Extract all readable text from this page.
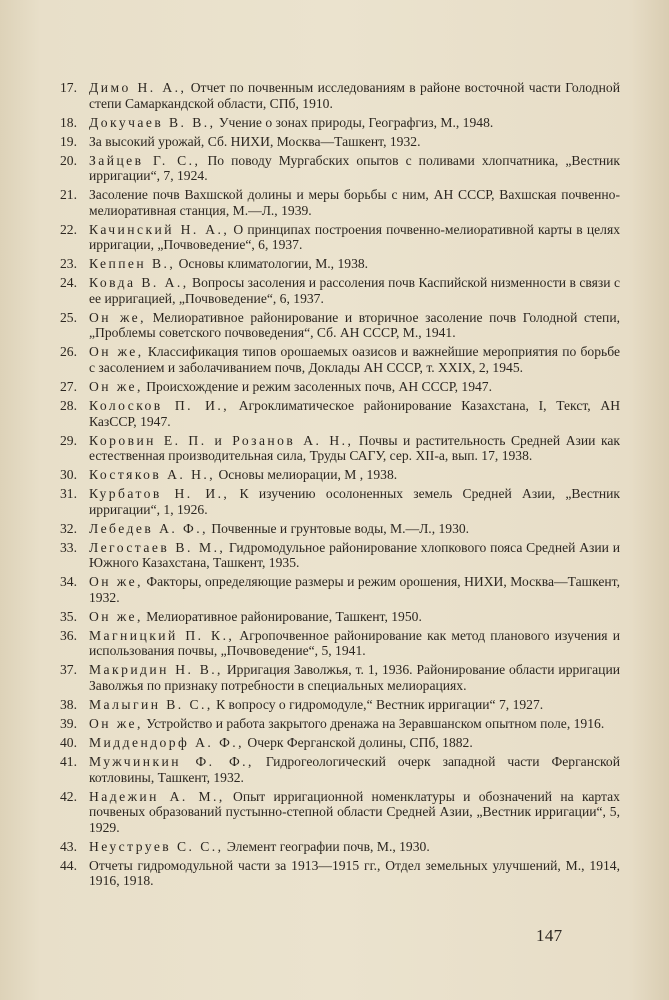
17. Димо Н. А., Отчет по почвенным исследованиям в районе восточной части Голодной степи Самаркандской области, СПб, 1910.
18. Докучаев В. В., Учение о зонах природы, Географгиз, М., 1948.
19. За высокий урожай, Сб. НИХИ, Москва—Ташкент, 1932.
20. Зайцев Г. С., По поводу Мургабских опытов с поливами хлопчатника, „Вестник ирригации“, 7, 1924.
21. Засоление почв Вахшской долины и меры борьбы с ним, АН СССР, Вахшская почвенно-мелиоративная станция, М.—Л., 1939.
22. Качинский Н. А., О принципах построения почвенно-мелиоративной карты в целях ирригации, „Почвоведение“, 6, 1937.
23. Кеппен В., Основы климатологии, М., 1938.
24. Ковда В. А., Вопросы засоления и рассоления почв Каспийской низменности в связи с ее ирригацией, „Почвоведение“, 6, 1937.
25. Он же, Мелиоративное районирование и вторичное засоление почв Голодной степи, „Проблемы советского почвоведения“, Сб. АН СССР, М., 1941.
26. Он же, Классификация типов орошаемых оазисов и важнейшие мероприятия по борьбе с засолением и заболачиванием почв, Доклады АН СССР, т. XXIX, 2, 1945.
27. Он же, Происхождение и режим засоленных почв, АН СССР, 1947.
28. Колосков П. И., Агроклиматическое районирование Казахстана, I, Текст, АН КазССР, 1947.
29. Коровин Е. П. и Розанов А. Н., Почвы и растительность Средней Азии как естественная производительная сила, Труды САГУ, сер. XII-а, вып. 17, 1938.
30. Костяков А. Н., Основы мелиорации, М , 1938.
31. Курбатов Н. И., К изучению осолоненных земель Средней Азии, „Вестник ирригации“, 1, 1926.
32. Лебедев А. Ф., Почвенные и грунтовые воды, М.—Л., 1930.
33. Легостаев В. М., Гидромодульное районирование хлопкового пояса Средней Азии и Южного Казахстана, Ташкент, 1935.
34. Он же, Факторы, определяющие размеры и режим орошения, НИХИ, Москва—Ташкент, 1932.
35. Он же, Мелиоративное районирование, Ташкент, 1950.
36. Магницкий П. К., Агропочвенное районирование как метод планового изучения и использования почвы, „Почвоведение“, 5, 1941.
37. Макридин Н. В., Ирригация Заволжья, т. 1, 1936. Районирование области ирригации Заволжья по признаку потребности в специальных мелиорациях.
38. Малыгин В. С., К вопросу о гидромодуле,“ Вестник ирригации“ 7, 1927.
39. Он же, Устройство и работа закрытого дренажа на Зеравшанском опытном поле, 1916.
40. Миддендорф А. Ф., Очерк Ферганской долины, СПб, 1882.
41. Мужчинкин Ф. Ф., Гидрогеологический очерк западной части Ферганской котловины, Ташкент, 1932.
42. Надежин А. М., Опыт ирригационной номенклатуры и обозначений на картах почвеных образований пустынно-степной области Средней Азии, „Вестник ирригации“, 5, 1929.
43. Неуструев С. С., Элемент географии почв, М., 1930.
44. Отчеты гидромодульной части за 1913—1915 гг., Отдел земельных улучшений, М., 1914, 1916, 1918.
147
